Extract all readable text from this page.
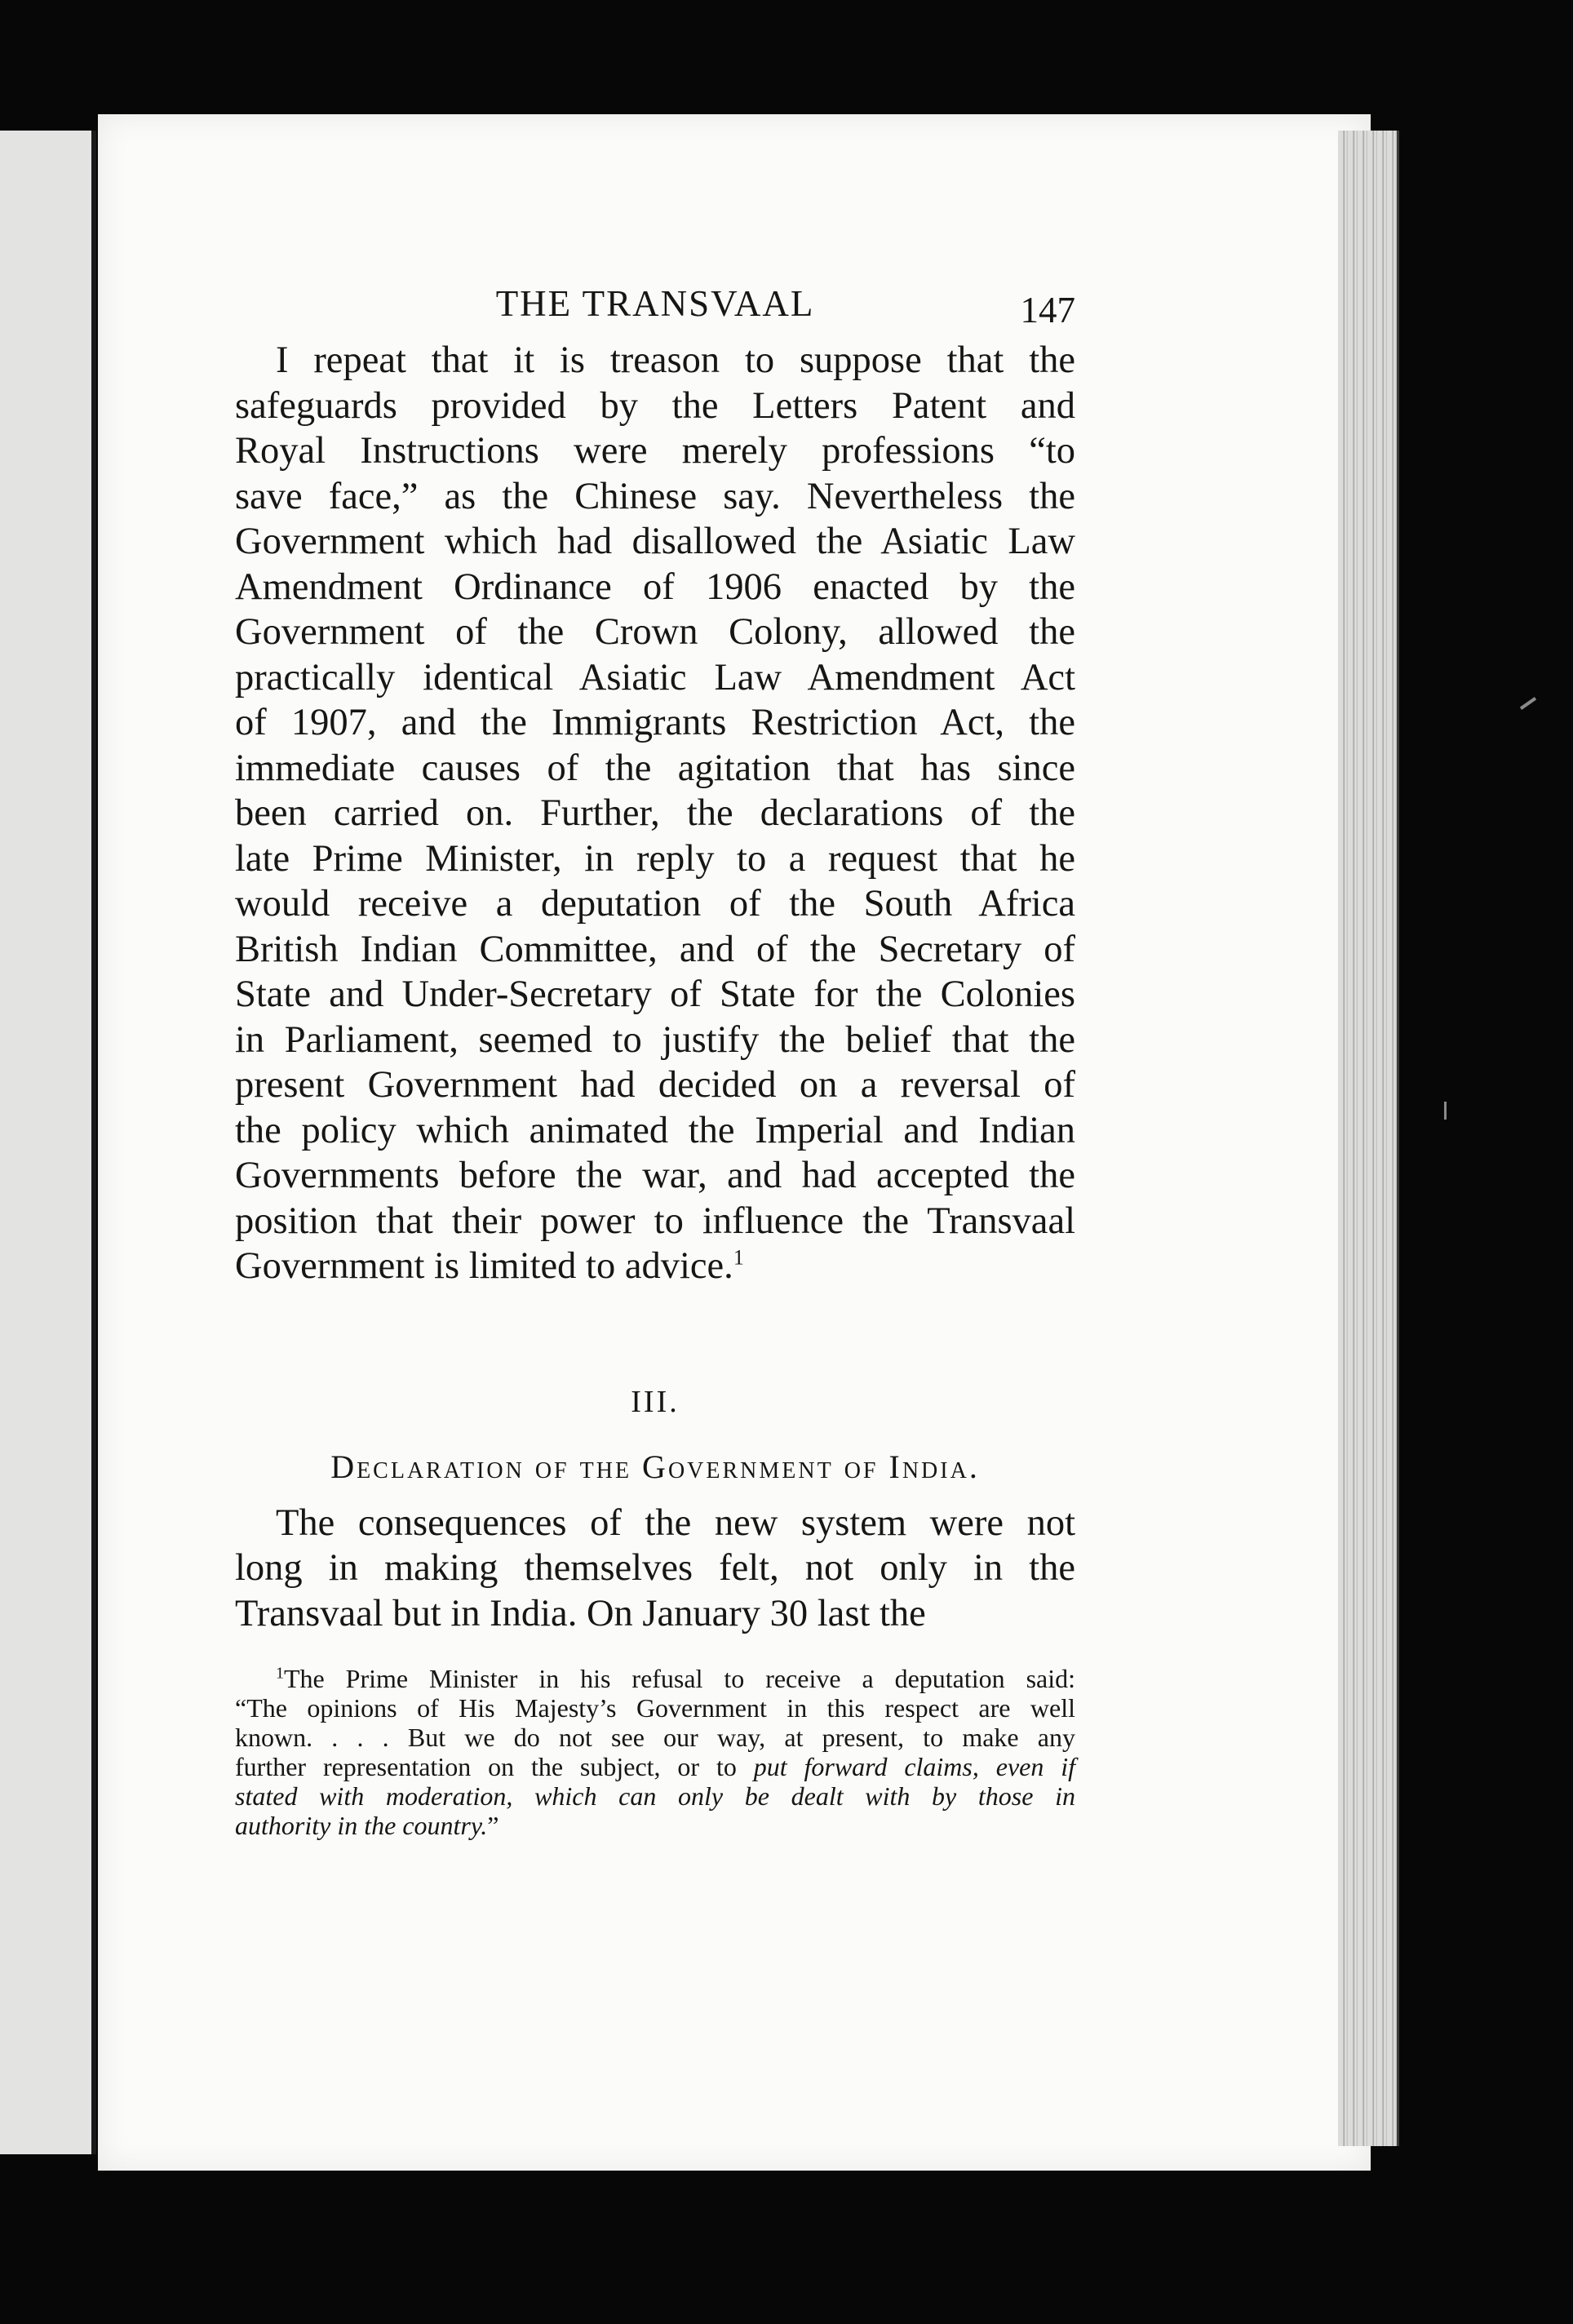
THE TRANSVAAL	147
I repeat that it is treason to suppose that the
safeguards provided by the Letters Patent and
Royal Instructions were merely professions “to
save face,” as the Chinese say. Nevertheless the
Government which had disallowed the Asiatic Law
Amendment Ordinance of 1906 enacted by the
Government of the Crown Colony, allowed the
practically identical Asiatic Law Amendment Act
of 1907, and the Immigrants Restriction Act, the
immediate causes of the agitation that has since
been carried on. Further, the declarations of the
late Prime Minister, in reply to a request that he
would receive a deputation of the South Africa
British Indian Committee, and of the Secretary of
State and Under-Secretary of State for the Colonies
in Parliament, seemed to justify the belief that the
present Government had decided on a reversal of
the policy which animated the Imperial and Indian
Governments before the war, and had accepted the
position that their power to influence the Transvaal
Government is limited to advice.$^1$
III.
Declaration of the Government of India.
The consequences of the new system were not
long in making themselves felt, not only in the
Transvaal but in India. On January 30 last the
$^1$The Prime Minister in his refusal to receive a deputation said:
“The opinions of His Majesty’s Government in this respect are well
known. . . . But we do not see our way, at present, to make any
further representation on the subject, or to put forward claims, even if
stated with moderation, which can only be dealt with by those in
authority in the country.”
